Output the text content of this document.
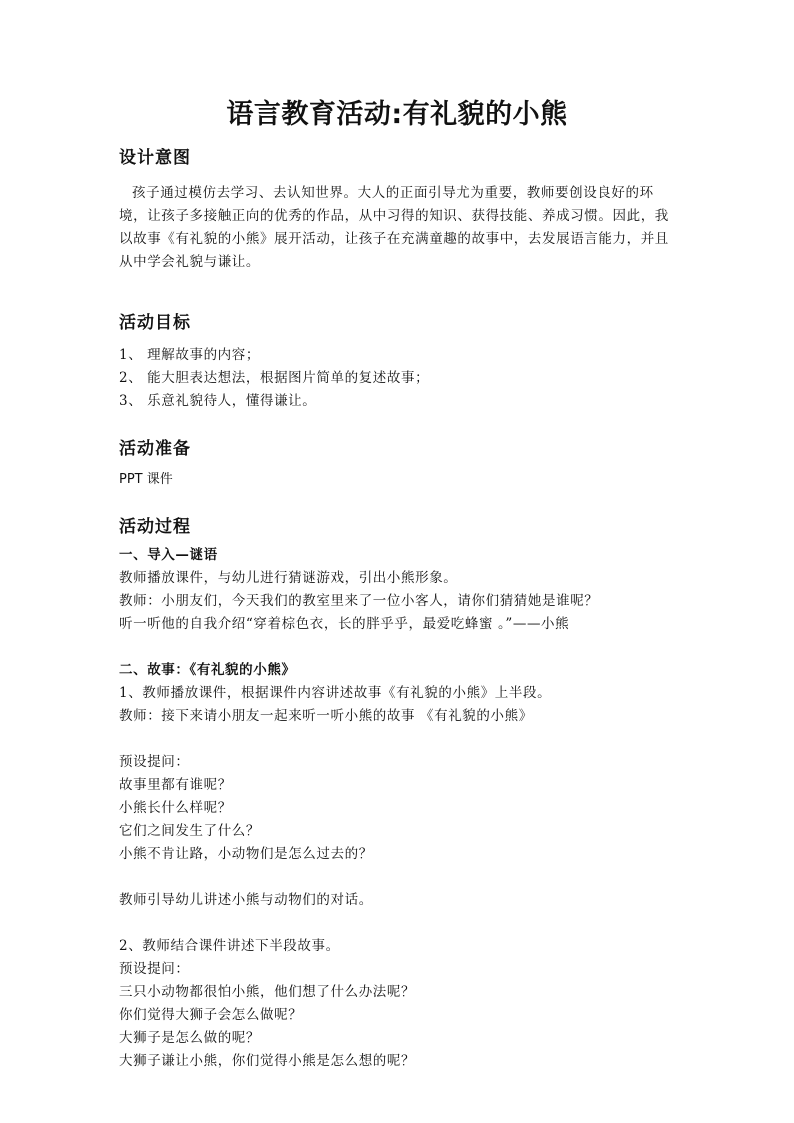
语言教育活动:有礼貌的小熊
设计意图

孩子通过模仿去学习、去认知世界。大人的正面引导尤为重要，教师要创设良好的环境，让孩子多接触正向的优秀的作品，从中习得的知识、获得技能、养成习惯。因此，我以故事《有礼貌的小熊》展开活动，让孩子在充满童趣的故事中，去发展语言能力，并且从中学会礼貌与谦让。

活动目标
1、 理解故事的内容；
2、 能大胆表达想法，根据图片简单的复述故事；
3、 乐意礼貌待人，懂得谦让。
活动准备
PPT 课件
活动过程
一、导入—谜语
教师播放课件，与幼儿进行猜谜游戏，引出小熊形象。
教师：小朋友们，今天我们的教室里来了一位小客人，请你们猜猜她是谁呢？
听一听他的自我介绍“穿着棕色衣，长的胖乎乎，最爱吃蜂蜜 。”——小熊
二、故事：《有礼貌的小熊》
1、教师播放课件，根据课件内容讲述故事《有礼貌的小熊》上半段。
教师：接下来请小朋友一起来听一听小熊的故事 《有礼貌的小熊》
预设提问：
故事里都有谁呢？
小熊长什么样呢？
它们之间发生了什么？
小熊不肯让路，小动物们是怎么过去的？
教师引导幼儿讲述小熊与动物们的对话。
2、教师结合课件讲述下半段故事。
预设提问：
三只小动物都很怕小熊，他们想了什么办法呢？
你们觉得大狮子会怎么做呢？
大狮子是怎么做的呢？
大狮子谦让小熊，你们觉得小熊是怎么想的呢？
